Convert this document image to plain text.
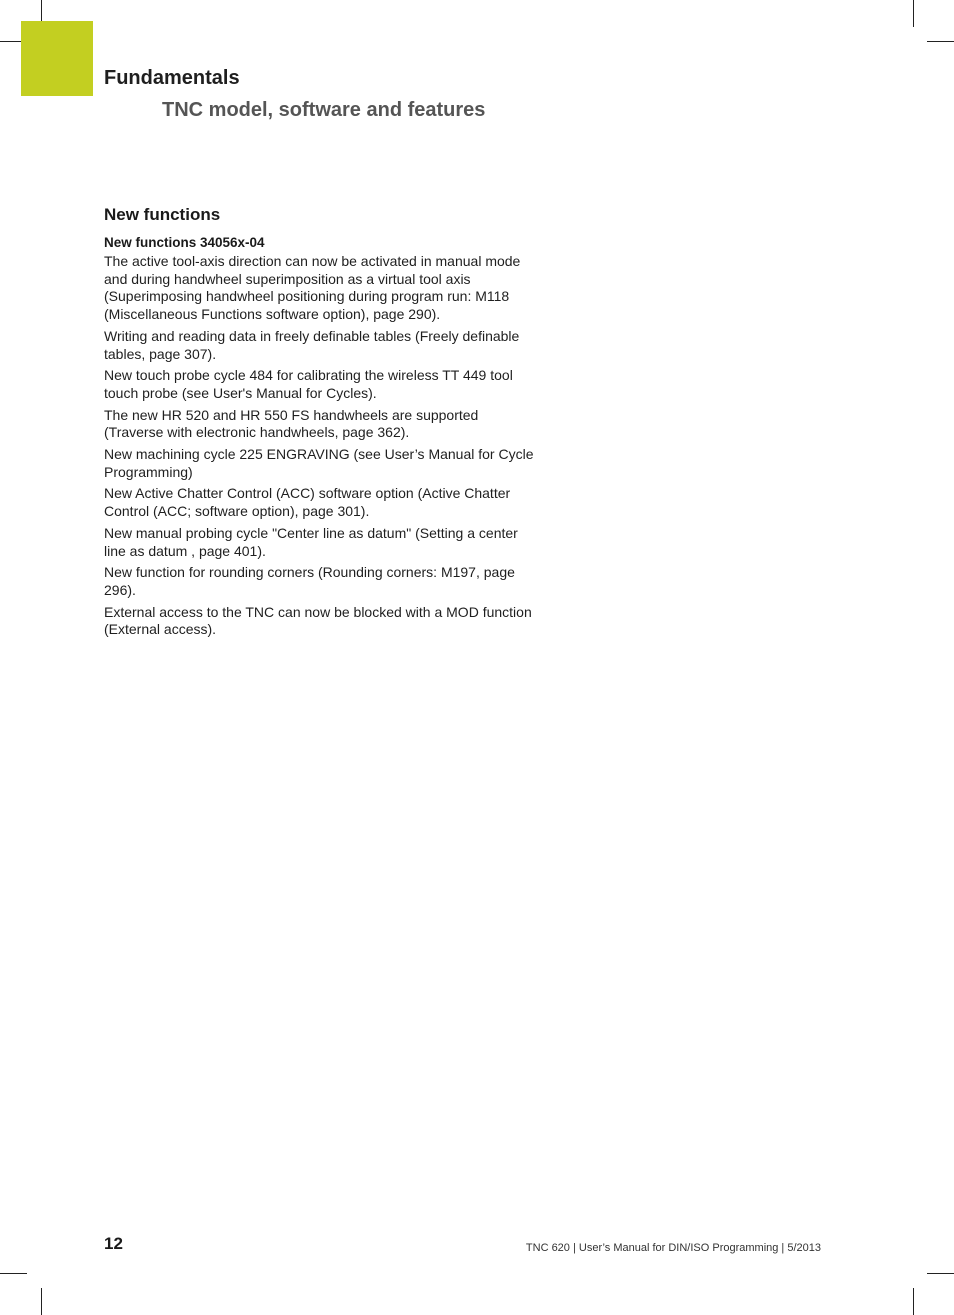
Fundamentals
TNC model, software and features
New functions
New functions 34056x-04

The active tool-axis direction can now be activated in manual mode and during handwheel superimposition as a virtual tool axis (Superimposing handwheel positioning during program run: M118 (Miscellaneous Functions software option), page 290).

Writing and reading data in freely definable tables (Freely definable tables, page 307).

New touch probe cycle 484 for calibrating the wireless TT 449 tool touch probe (see User's Manual for Cycles).

The new HR 520 and HR 550 FS handwheels are supported (Traverse with electronic handwheels, page 362).

New machining cycle 225 ENGRAVING (see User’s Manual for Cycle Programming)

New Active Chatter Control (ACC) software option (Active Chatter Control (ACC; software option), page 301).

New manual probing cycle "Center line as datum" (Setting a center line as datum , page 401).

New function for rounding corners (Rounding corners: M197, page 296).

External access to the TNC can now be blocked with a MOD function (External access).

12	TNC 620 | User’s Manual for DIN/ISO Programming | 5/2013
